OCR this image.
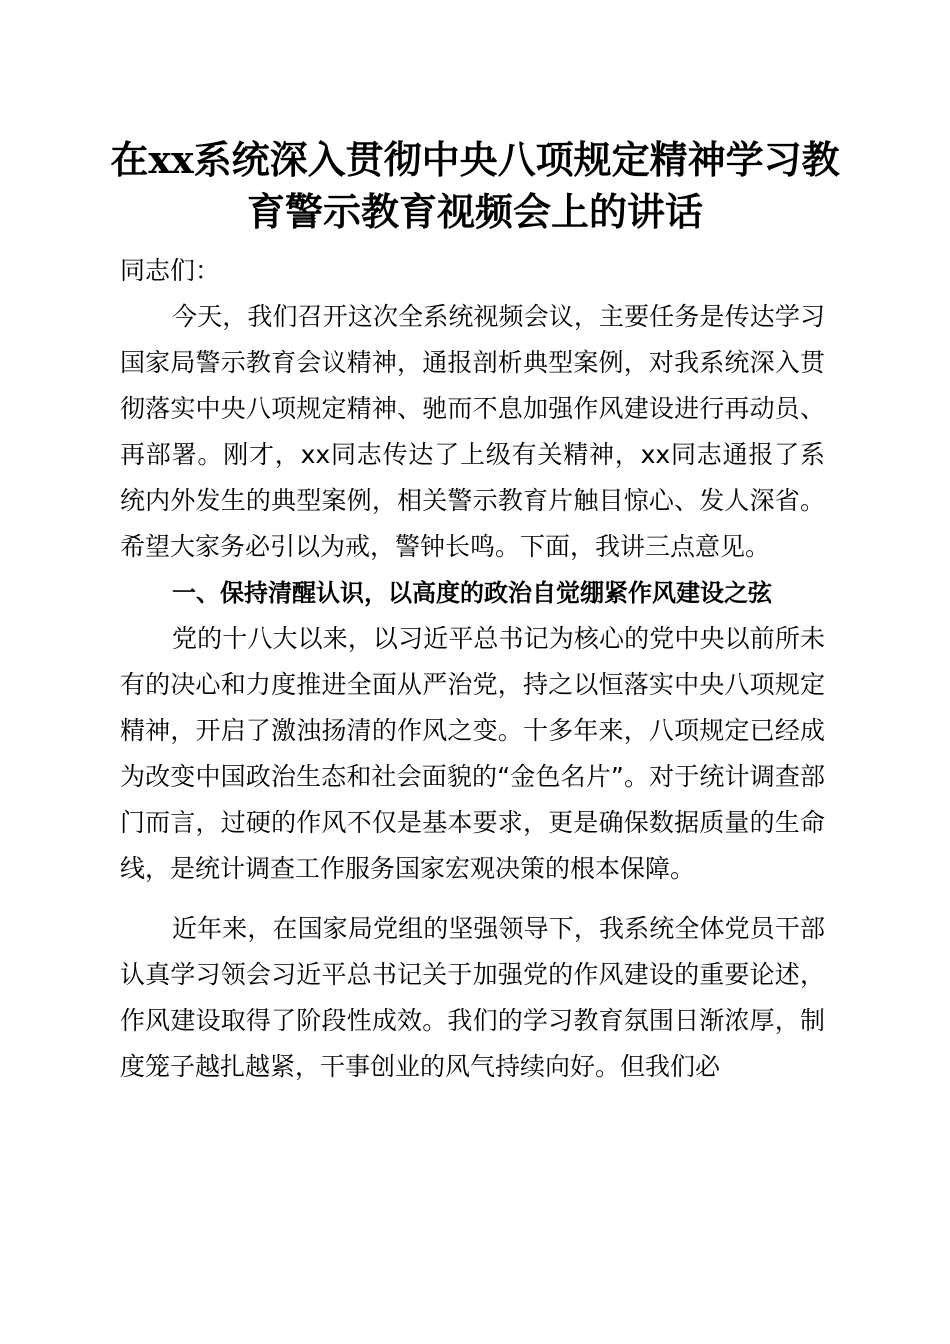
在xx系统深入贯彻中央八项规定精神学习教
育警示教育视频会上的讲话

同志们：

今天，我们召开这次全系统视频会议，主要任务是传达学习国家局警示教育会议精神，通报剖析典型案例，对我系统深入贯彻落实中央八项规定精神、驰而不息加强作风建设进行再动员、再部署。刚才，xx同志传达了上级有关精神，xx同志通报了系统内外发生的典型案例，相关警示教育片触目惊心、发人深省。希望大家务必引以为戒，警钟长鸣。下面，我讲三点意见。

一、保持清醒认识，以高度的政治自觉绷紧作风建设之弦

党的十八大以来，以习近平总书记为核心的党中央以前所未有的决心和力度推进全面从严治党，持之以恒落实中央八项规定精神，开启了激浊扬清的作风之变。十多年来，八项规定已经成为改变中国政治生态和社会面貌的“金色名片”。对于统计调查部门而言，过硬的作风不仅是基本要求，更是确保数据质量的生命线，是统计调查工作服务国家宏观决策的根本保障。

近年来，在国家局党组的坚强领导下，我系统全体党员干部认真学习领会习近平总书记关于加强党的作风建设的重要论述，作风建设取得了阶段性成效。我们的学习教育氛围日渐浓厚，制度笼子越扎越紧，干事创业的风气持续向好。但我们必
